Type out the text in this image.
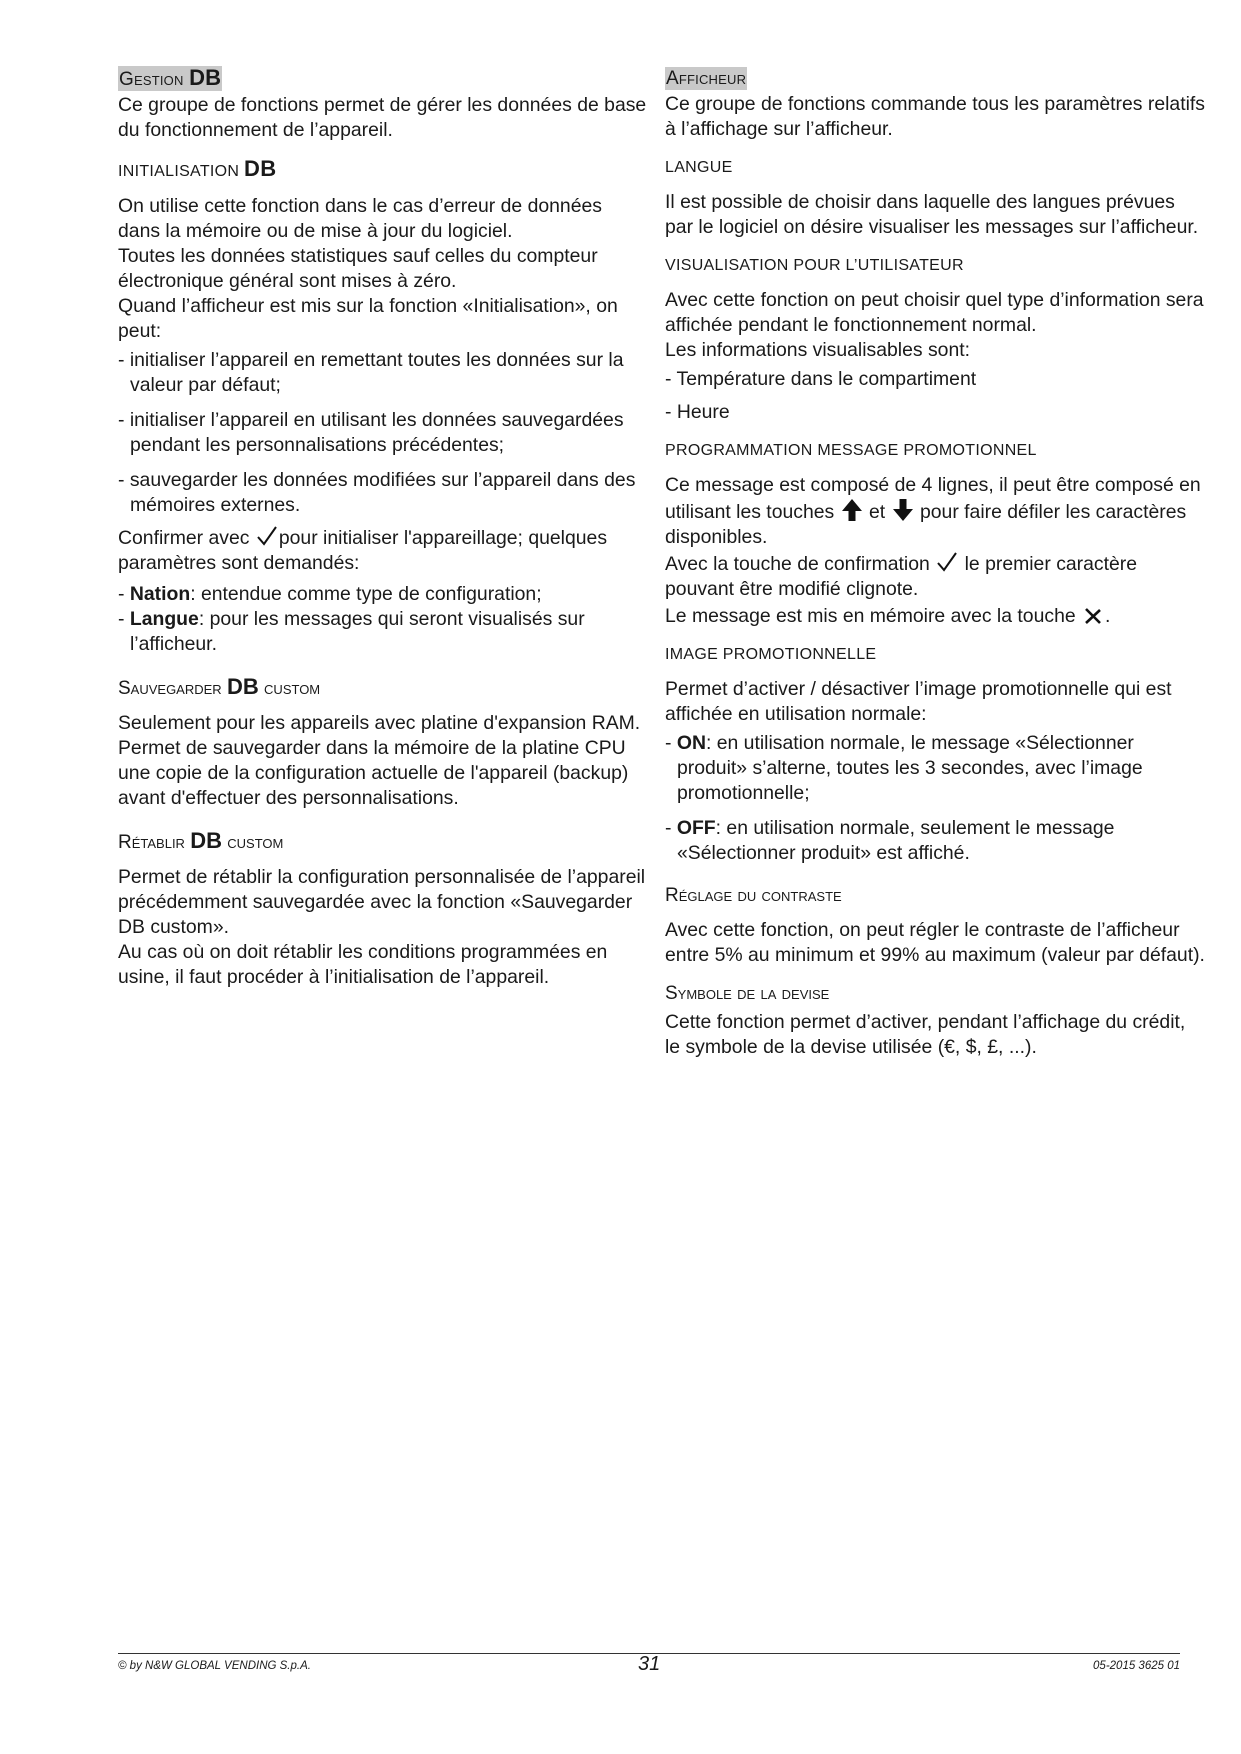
Gestion DB

Ce groupe de fonctions permet de gérer les données de base du fonctionnement de l’appareil.

INITIALISATION DB

On utilise cette fonction dans le cas d’erreur de données dans la mémoire ou de mise à jour du logiciel.

Toutes les données statistiques sauf celles du compteur électronique général sont mises à zéro.

Quand l’afficheur est mis sur la fonction «Initialisation», on peut:

- initialiser l’appareil en remettant toutes les données sur la valeur par défaut;

- initialiser l’appareil en utilisant les données sauvegardées pendant les personnalisations précédentes;

- sauvegarder les données modifiées sur l’appareil dans des mémoires externes.

Confirmer avec pour initialiser l'appareillage; quelques paramètres sont demandés:

- Nation: entendue comme type de configuration;

- Langue: pour les messages qui seront visualisés sur l’afficheur.

Sauvegarder DB custom

Seulement pour les appareils avec platine d'expansion RAM.

Permet de sauvegarder dans la mémoire de la platine CPU une copie de la configuration actuelle de l'appareil (backup) avant d'effectuer des personnalisations.

Rétablir DB custom

Permet de rétablir la configuration personnalisée de l’appareil précédemment sauvegardée avec la fonction «Sauvegarder DB custom».

Au cas où on doit rétablir les conditions programmées en usine, il faut procéder à l’initialisation de l’appareil.

Afficheur

Ce groupe de fonctions commande tous les paramètres relatifs à l’affichage sur l’afficheur.

LANGUE

Il est possible de choisir dans laquelle des langues prévues par le logiciel on désire visualiser les messages sur l’afficheur.

VISUALISATION POUR L’UTILISATEUR

Avec cette fonction on peut choisir quel type d’information sera affichée pendant le fonctionnement normal.

Les informations visualisables sont:

- Température dans le compartiment

- Heure

PROGRAMMATION MESSAGE PROMOTIONNEL

Ce message est composé de 4 lignes, il peut être composé en utilisant les touches et pour faire défiler les caractères disponibles.

Avec la touche de confirmation le premier caractère pouvant être modifié clignote.

Le message est mis en mémoire avec la touche .

IMAGE PROMOTIONNELLE

Permet d’activer / désactiver l’image promotionnelle qui est affichée en utilisation normale:

- ON: en utilisation normale, le message «Sélectionner produit» s’alterne, toutes les 3 secondes, avec l’image promotionnelle;

- OFF: en utilisation normale, seulement le message «Sélectionner produit» est affiché.

Réglage du contraste

Avec cette fonction, on peut régler le contraste de l’afficheur entre 5% au minimum et 99% au maximum (valeur par défaut).

Symbole de la devise

Cette fonction permet d’activer, pendant l’affichage du crédit, le symbole de la devise utilisée (€, $, £, ...).

© by N&W GLOBAL VENDING S.p.A.	31	05-2015 3625 01
